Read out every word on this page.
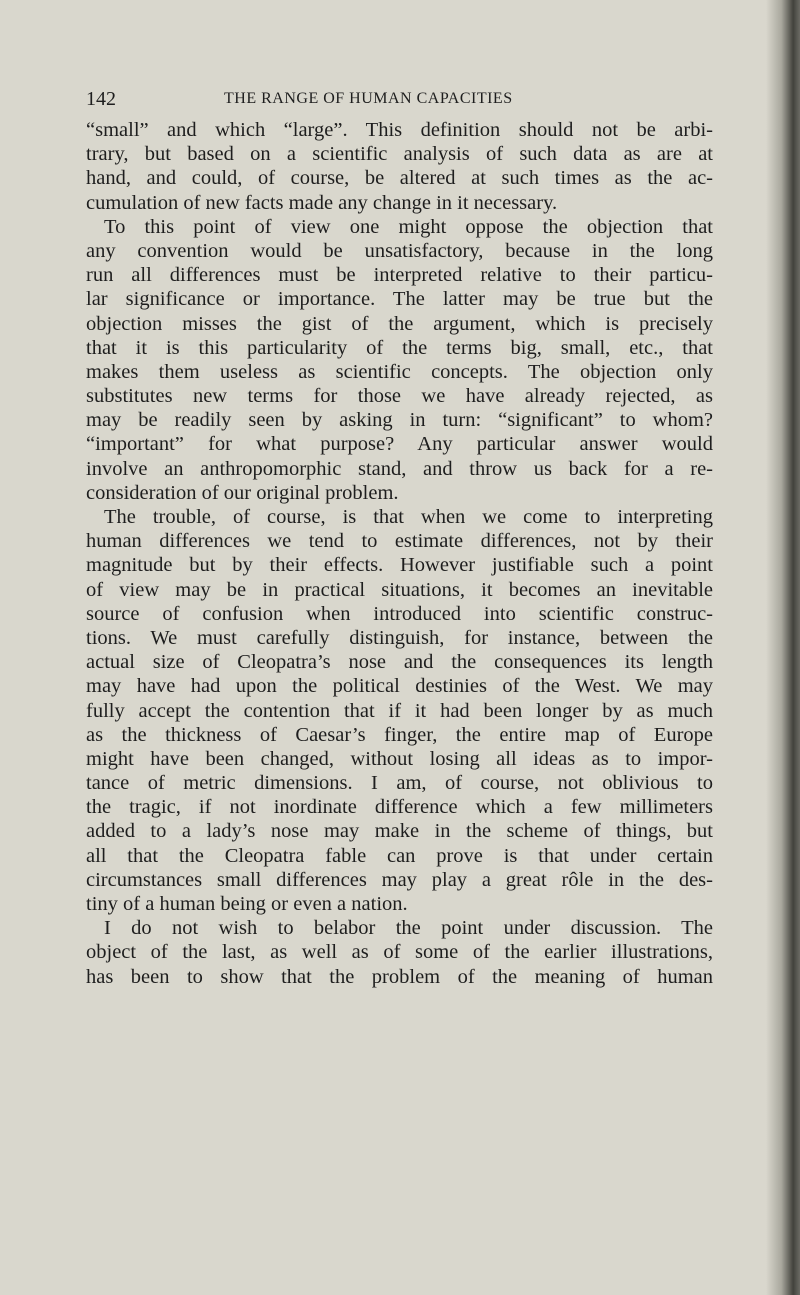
142	THE RANGE OF HUMAN CAPACITIES
“small” and which “large”. This definition should not be arbi-
trary, but based on a scientific analysis of such data as are at
hand, and could, of course, be altered at such times as the ac-
cumulation of new facts made any change in it necessary.
To this point of view one might oppose the objection that
any convention would be unsatisfactory, because in the long
run all differences must be interpreted relative to their particu-
lar significance or importance. The latter may be true but the
objection misses the gist of the argument, which is precisely
that it is this particularity of the terms big, small, etc., that
makes them useless as scientific concepts. The objection only
substitutes new terms for those we have already rejected, as
may be readily seen by asking in turn: “significant” to whom?
“important” for what purpose? Any particular answer would
involve an anthropomorphic stand, and throw us back for a re-
consideration of our original problem.
The trouble, of course, is that when we come to interpreting
human differences we tend to estimate differences, not by their
magnitude but by their effects. However justifiable such a point
of view may be in practical situations, it becomes an inevitable
source of confusion when introduced into scientific construc-
tions. We must carefully distinguish, for instance, between the
actual size of Cleopatra’s nose and the consequences its length
may have had upon the political destinies of the West. We may
fully accept the contention that if it had been longer by as much
as the thickness of Caesar’s finger, the entire map of Europe
might have been changed, without losing all ideas as to impor-
tance of metric dimensions. I am, of course, not oblivious to
the tragic, if not inordinate difference which a few millimeters
added to a lady’s nose may make in the scheme of things, but
all that the Cleopatra fable can prove is that under certain
circumstances small differences may play a great rôle in the des-
tiny of a human being or even a nation.
I do not wish to belabor the point under discussion. The
object of the last, as well as of some of the earlier illustrations,
has been to show that the problem of the meaning of human
